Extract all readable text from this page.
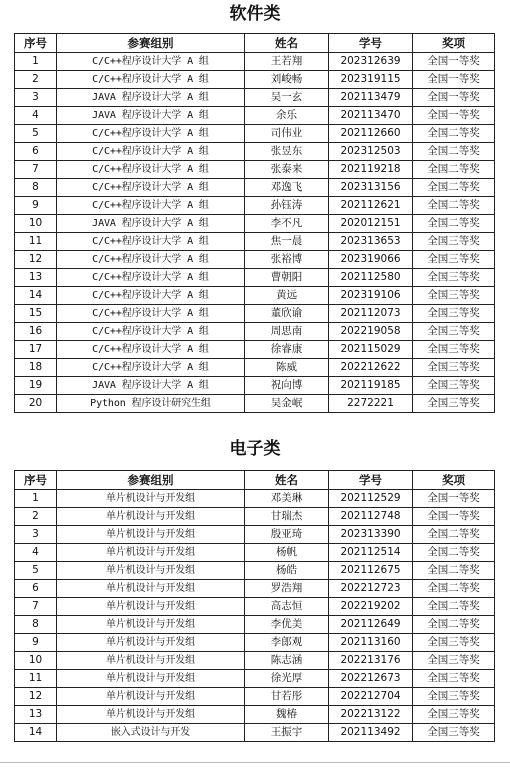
软件类
序号	参赛组别	姓名	学号	奖项
1	C/C++程序设计大学 A 组	王若翔	202312639	全国一等奖
2	C/C++程序设计大学 A 组	刘峻畅	202319115	全国一等奖
3	JAVA 程序设计大学 A 组	吴一玄	202113479	全国一等奖
4	JAVA 程序设计大学 A 组	余乐	202113470	全国一等奖
5	C/C++程序设计大学 A 组	司伟业	202112660	全国二等奖
6	C/C++程序设计大学 A 组	张昱东	202312503	全国二等奖
7	C/C++程序设计大学 A 组	张泰来	202119218	全国二等奖
8	C/C++程序设计大学 A 组	邓逸飞	202313156	全国二等奖
9	C/C++程序设计大学 A 组	孙钰涛	202112621	全国二等奖
10	JAVA 程序设计大学 A 组	李不凡	202012151	全国二等奖
11	C/C++程序设计大学 A 组	焦一晨	202313653	全国三等奖
12	C/C++程序设计大学 A 组	张裕博	202319066	全国三等奖
13	C/C++程序设计大学 A 组	曹朝阳	202112580	全国三等奖
14	C/C++程序设计大学 A 组	黄远	202319106	全国三等奖
15	C/C++程序设计大学 A 组	董欣谕	202112073	全国三等奖
16	C/C++程序设计大学 A 组	周思南	202219058	全国三等奖
17	C/C++程序设计大学 A 组	徐睿康	202115029	全国三等奖
18	C/C++程序设计大学 A 组	陈威	202212622	全国三等奖
19	JAVA 程序设计大学 A 组	祝向博	202119185	全国三等奖
20	Python 程序设计研究生组	吴金岷	2272221	全国三等奖
电子类
序号	参赛组别	姓名	学号	奖项
1	单片机设计与开发组	邓美琳	202112529	全国一等奖
2	单片机设计与开发组	甘瑞杰	202112748	全国一等奖
3	单片机设计与开发组	殷亚琦	202313390	全国二等奖
4	单片机设计与开发组	杨帆	202112514	全国二等奖
5	单片机设计与开发组	杨皓	202112675	全国二等奖
6	单片机设计与开发组	罗浩翔	202212723	全国二等奖
7	单片机设计与开发组	高志恒	202219202	全国二等奖
8	单片机设计与开发组	李优美	202112649	全国二等奖
9	单片机设计与开发组	李郎观	202113160	全国三等奖
10	单片机设计与开发组	陈志涵	202213176	全国三等奖
11	单片机设计与开发组	徐光厚	202212673	全国三等奖
12	单片机设计与开发组	甘若彤	202212704	全国三等奖
13	单片机设计与开发组	魏椿	202213122	全国三等奖
14	嵌入式设计与开发	王振宇	202113492	全国三等奖
